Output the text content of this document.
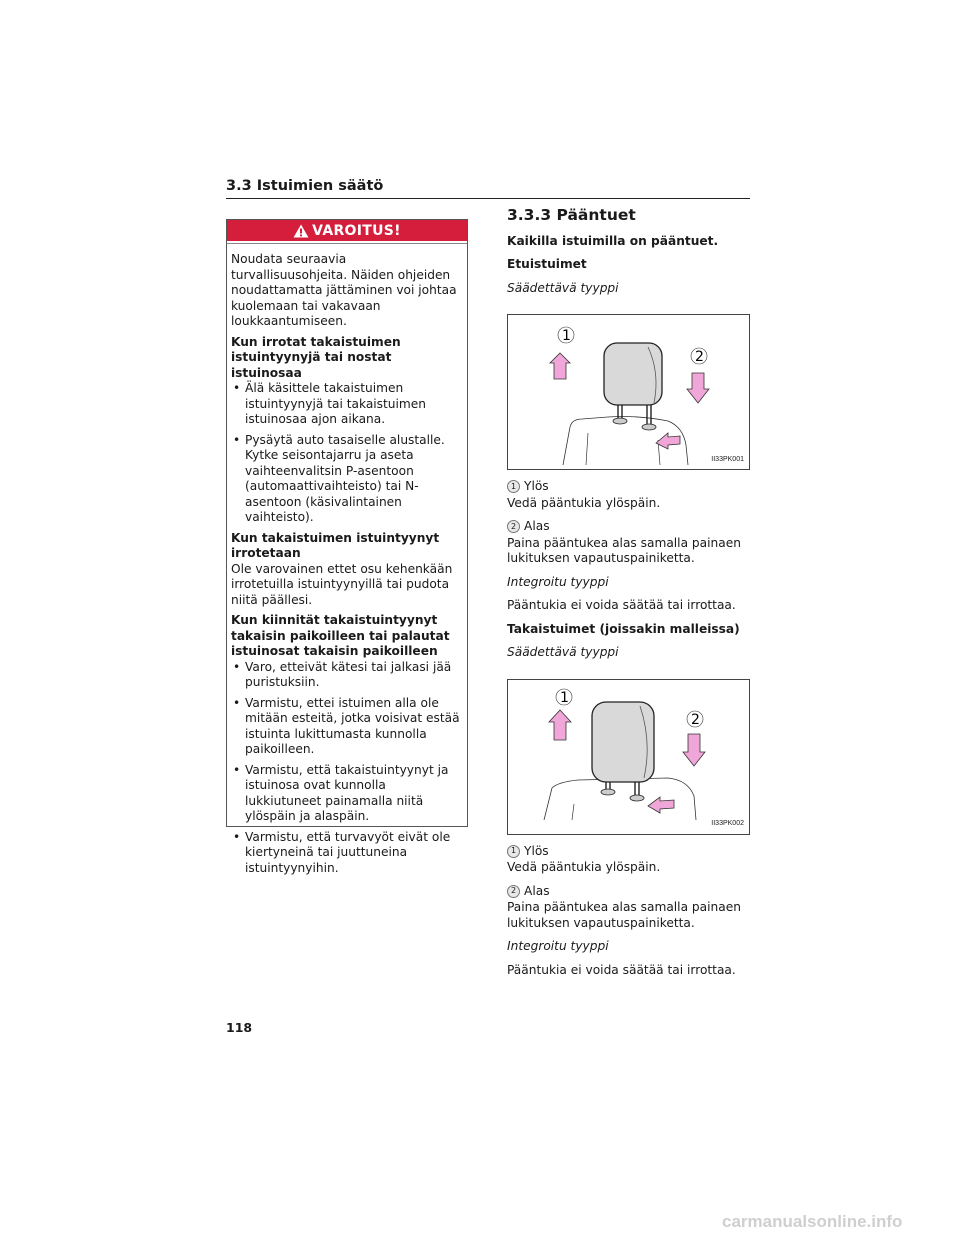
3.3 Istuimien säätö
VAROITUS!

Noudata seuraavia turvallisuusohjeita. Näiden ohjeiden noudattamatta jättäminen voi johtaa kuolemaan tai vakavaan loukkaantumiseen.

Kun irrotat takaistuimen istuintyynyjä tai nostat istuinosaa

• Älä käsittele takaistuimen istuintyynyjä tai takaistuimen istuinosaa ajon aikana.
• Pysäytä auto tasaiselle alustalle. Kytke seisontajarru ja aseta vaihteenvalitsin P-asentoon (automaattivaihteisto) tai N-asentoon (käsivalintainen vaihteisto).

Kun takaistuimen istuintyynyt irrotetaan

Ole varovainen ettet osu kehenkään irrotetuilla istuintyynyillä tai pudota niitä päällesi.

Kun kiinnität takaistuintyynyt takaisin paikoilleen tai palautat istuinosat takaisin paikoilleen

• Varo, etteivät kätesi tai jalkasi jää puristuksiin.
• Varmistu, ettei istuimen alla ole mitään esteitä, jotka voisivat estää istuinta lukittumasta kunnolla paikoilleen.
• Varmistu, että takaistuintyynyt ja istuinosa ovat kunnolla lukkiutuneet painamalla niitä ylöspäin ja alaspäin.
• Varmistu, että turvavyöt eivät ole kiertyneinä tai juuttuneina istuintyynyihin.
3.3.3 Pääntuet

Kaikilla istuimilla on pääntuet.

Etuistuimet

Säädettävä tyyppi

1
2
II33PK001
1 Ylös

Vedä pääntukia ylöspäin.

2 Alas

Paina pääntukea alas samalla painaen lukituksen vapautuspainiketta.

Integroitu tyyppi

Pääntukia ei voida säätää tai irrottaa.

Takaistuimet (joissakin malleissa)

Säädettävä tyyppi

1
2
II33PK002
1 Ylös

Vedä pääntukia ylöspäin.

2 Alas

Paina pääntukea alas samalla painaen lukituksen vapautuspainiketta.

Integroitu tyyppi

Pääntukia ei voida säätää tai irrottaa.

118
carmanualsonline.info
